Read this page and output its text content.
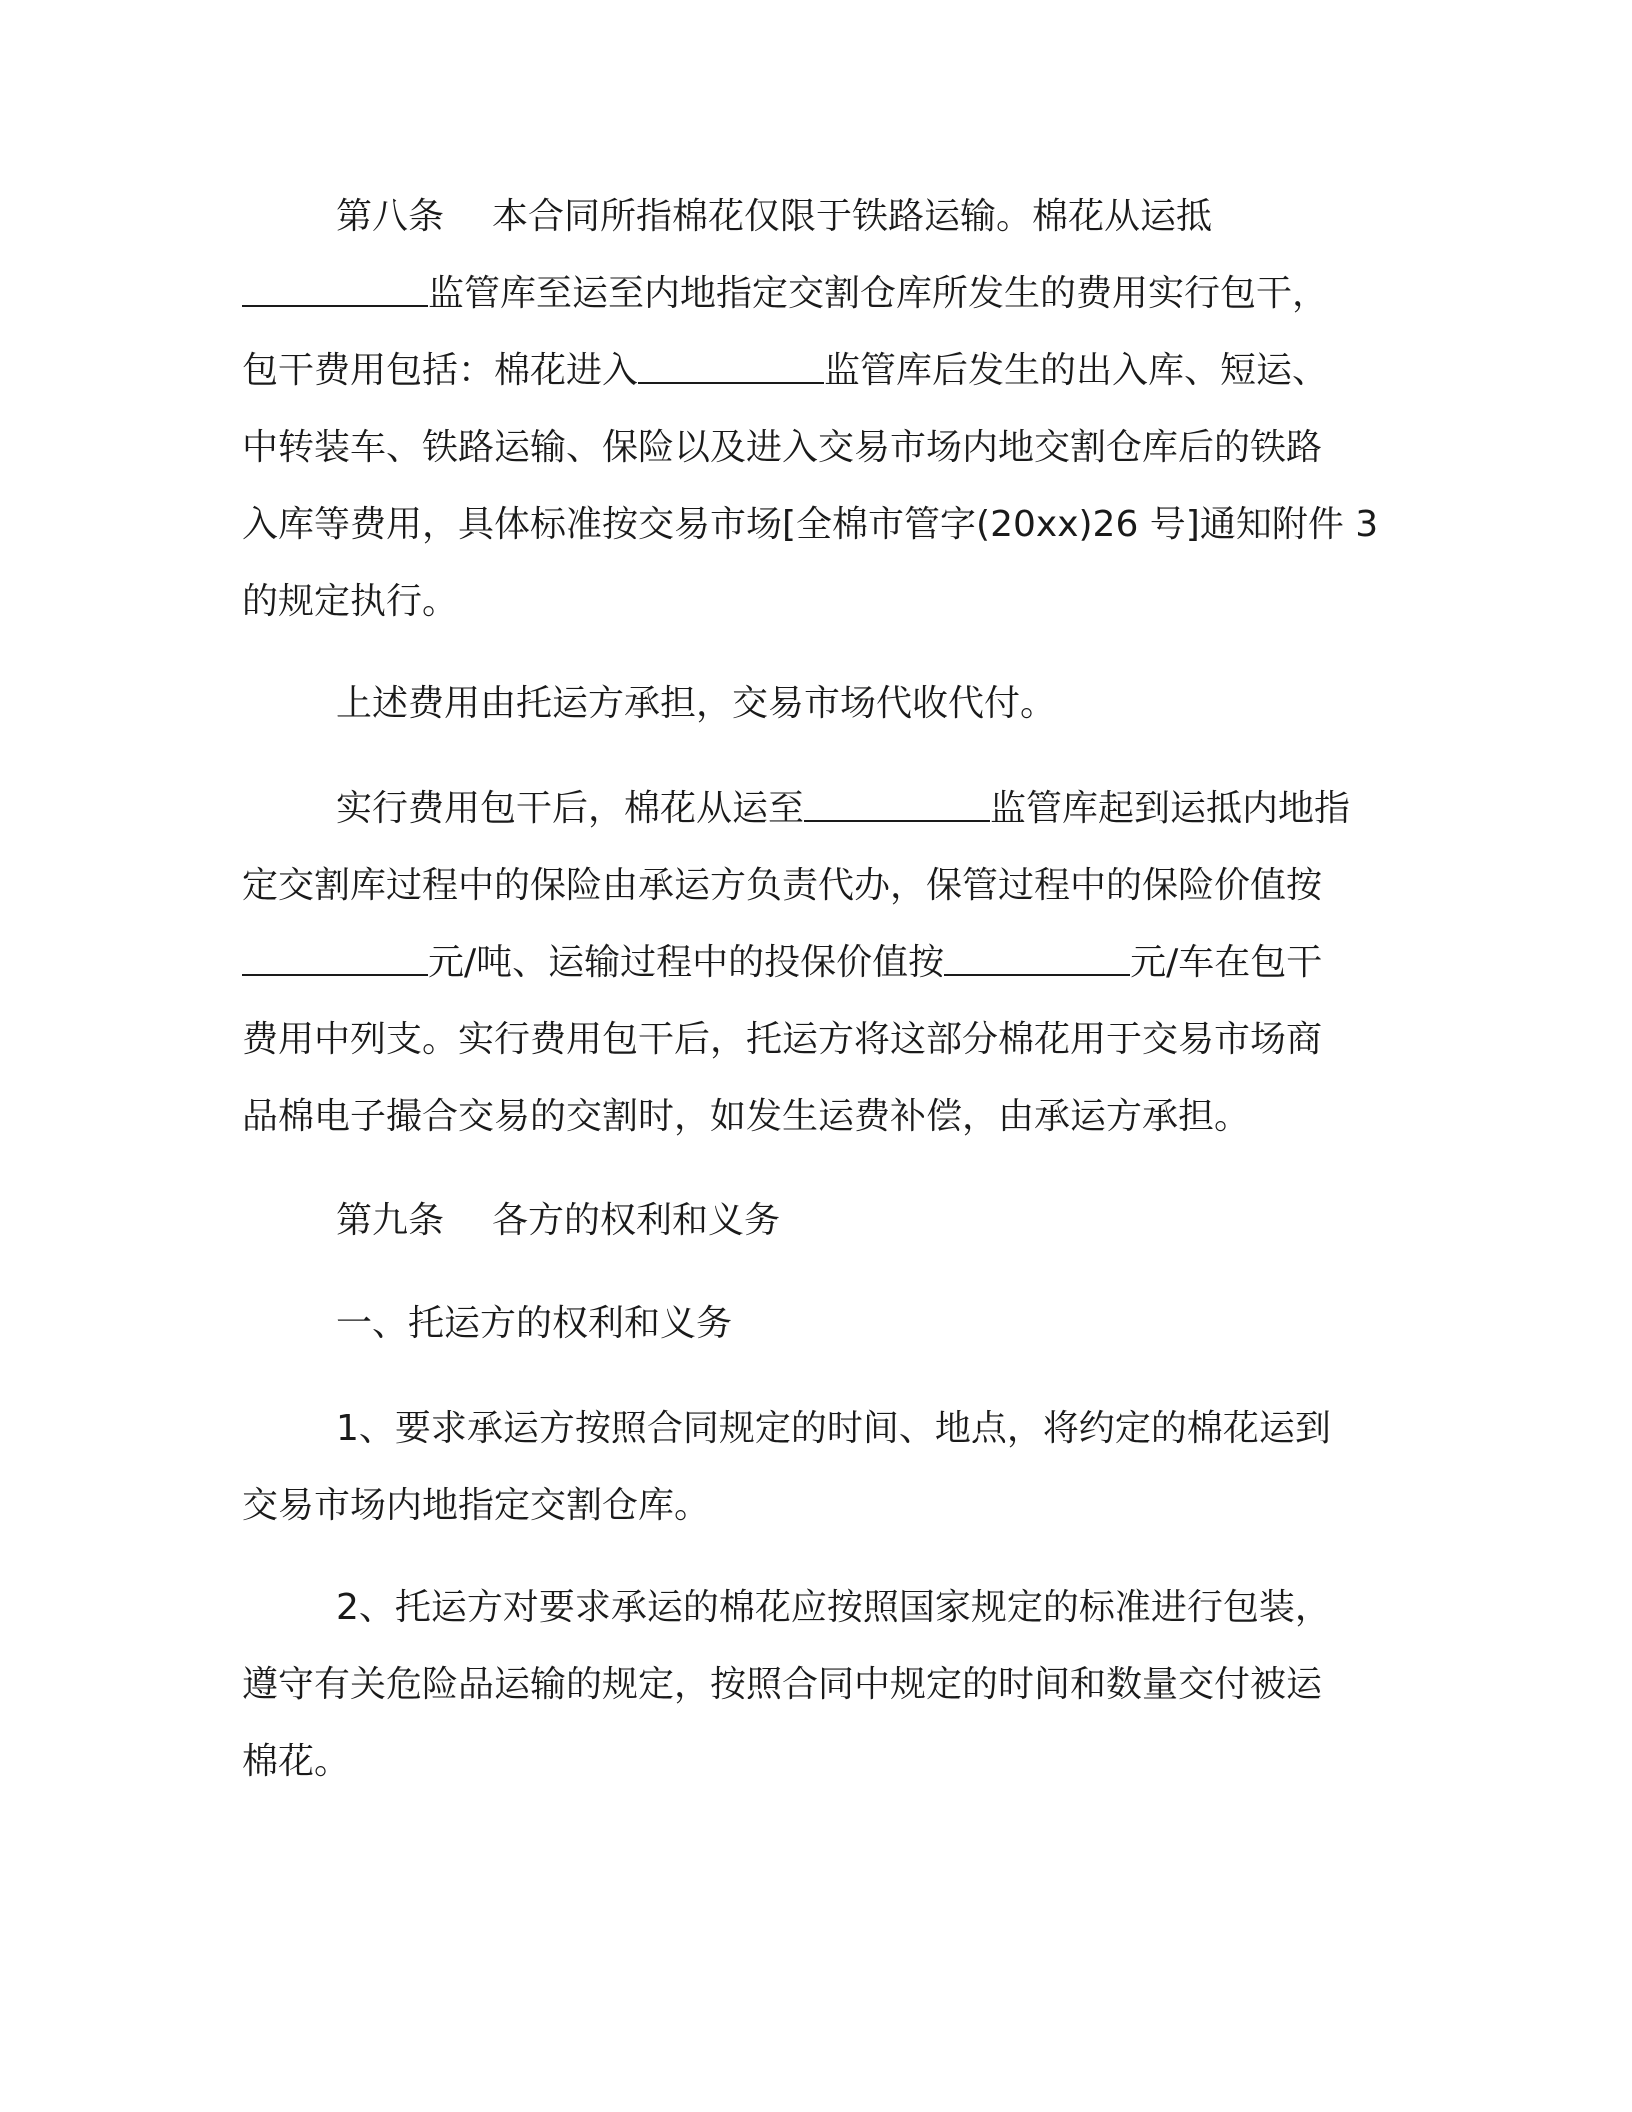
第八条 本合同所指棉花仅限于铁路运输。棉花从运抵

监管库至运至内地指定交割仓库所发生的费用实行包干，

包干费用包括：棉花进入	监管库后发生的出入库、短运、

中转装车、铁路运输、保险以及进入交易市场内地交割仓库后的铁路

入库等费用，具体标准按交易市场[全棉市管字(20xx)26 号]通知附件 3

的规定执行。

上述费用由托运方承担，交易市场代收代付。

实行费用包干后，棉花从运至	监管库起到运抵内地指

定交割库过程中的保险由承运方负责代办，保管过程中的保险价值按

元/吨、运输过程中的投保价值按	元/车在包干

费用中列支。实行费用包干后，托运方将这部分棉花用于交易市场商

品棉电子撮合交易的交割时，如发生运费补偿，由承运方承担。

第九条 各方的权利和义务

一、托运方的权利和义务

1、要求承运方按照合同规定的时间、地点，将约定的棉花运到

交易市场内地指定交割仓库。

2、托运方对要求承运的棉花应按照国家规定的标准进行包装，

遵守有关危险品运输的规定，按照合同中规定的时间和数量交付被运

棉花。
